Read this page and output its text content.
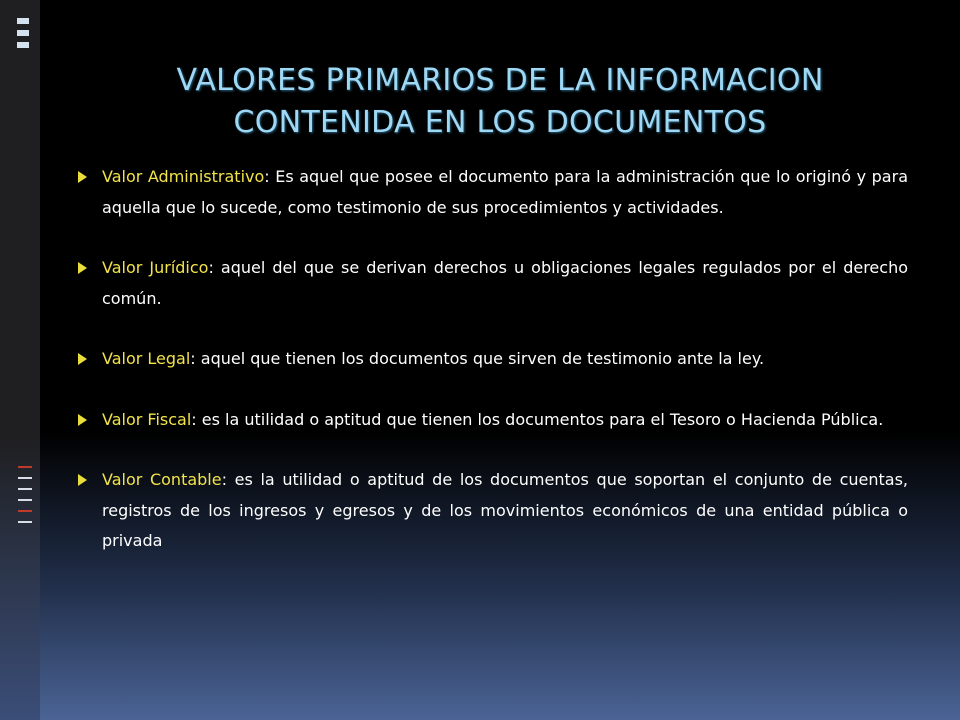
VALORES PRIMARIOS DE LA INFORMACION
CONTENIDA EN LOS DOCUMENTOS
Valor Administrativo: Es aquel que posee el documento para la administración que lo originó y para aquella que lo sucede, como testimonio de sus procedimientos y actividades.
Valor Jurídico: aquel del que se derivan derechos u obligaciones legales regulados por el derecho común.
Valor Legal: aquel que tienen los documentos que sirven de testimonio ante la ley.
Valor Fiscal: es la utilidad o aptitud que tienen los documentos para el Tesoro o Hacienda Pública.
Valor Contable: es la utilidad o aptitud de los documentos que soportan el conjunto de cuentas, registros de los ingresos y egresos y de los movimientos económicos de una entidad pública o privada
